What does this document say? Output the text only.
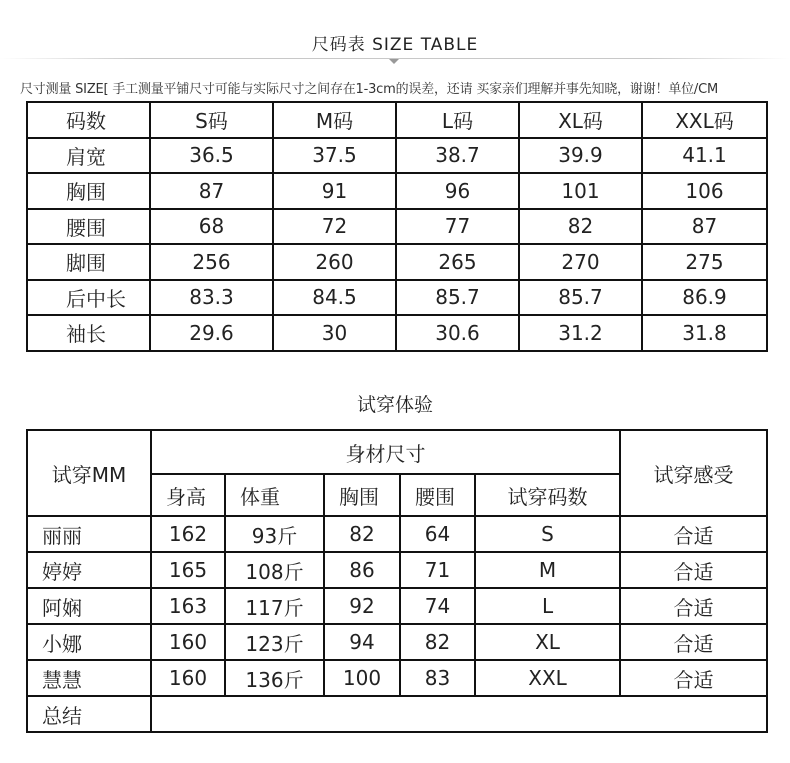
尺码表 SIZE TABLE
尺寸测量 SIZE[ 手工测量平铺尺寸可能与实际尺寸之间存在1-3cm的误差，还请 买家亲们理解并事先知晓，谢谢！单位/CM
码数	S码	M码	L码	XL码	XXL码
肩宽	36.5	37.5	38.7	39.9	41.1
胸围	87	91	96	101	106
腰围	68	72	77	82	87
脚围	256	260	265	270	275
后中长	83.3	84.5	85.7	85.7	86.9
袖长	29.6	30	30.6	31.2	31.8
试穿体验
试穿MM	身材尺寸					试穿感受
	身高	体重	胸围	腰围	试穿码数	
丽丽	162	93斤	82	64	S	合适
婷婷	165	108斤	86	71	M	合适
阿娴	163	117斤	92	74	L	合适
小娜	160	123斤	94	82	XL	合适
慧慧	160	136斤	100	83	XXL	合适
总结						
